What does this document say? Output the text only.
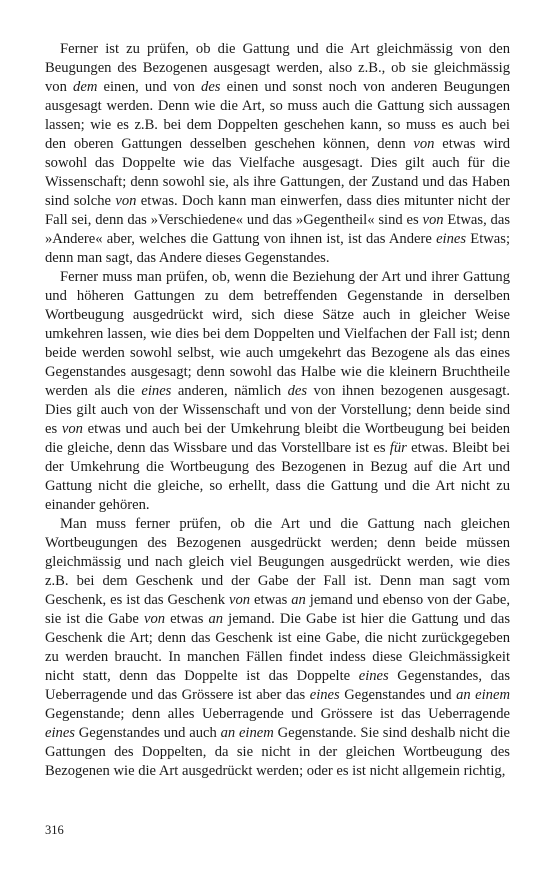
Ferner ist zu prüfen, ob die Gattung und die Art gleichmässig von den Beugungen des Bezogenen ausgesagt werden, also z.B., ob sie gleichmässig von dem einen, und von des einen und sonst noch von anderen Beugungen ausgesagt werden. Denn wie die Art, so muss auch die Gattung sich aussagen lassen; wie es z.B. bei dem Doppelten geschehen kann, so muss es auch bei den oberen Gattungen desselben geschehen können, denn von etwas wird sowohl das Doppelte wie das Vielfache ausgesagt. Dies gilt auch für die Wissenschaft; denn sowohl sie, als ihre Gattungen, der Zustand und das Haben sind solche von etwas. Doch kann man einwerfen, dass dies mitunter nicht der Fall sei, denn das »Verschiedene« und das »Gegentheil« sind es von Etwas, das »Andere« aber, welches die Gattung von ihnen ist, ist das Andere eines Etwas; denn man sagt, das Andere dieses Gegenstandes.

Ferner muss man prüfen, ob, wenn die Beziehung der Art und ihrer Gattung und höheren Gattungen zu dem betreffenden Gegenstande in derselben Wortbeugung ausgedrückt wird, sich diese Sätze auch in gleicher Weise umkehren lassen, wie dies bei dem Doppelten und Vielfachen der Fall ist; denn beide werden sowohl selbst, wie auch umgekehrt das Bezogene als das eines Gegenstandes ausgesagt; denn sowohl das Halbe wie die kleinern Bruchtheile werden als die eines anderen, nämlich des von ihnen bezogenen ausgesagt. Dies gilt auch von der Wissenschaft und von der Vorstellung; denn beide sind es von etwas und auch bei der Umkehrung bleibt die Wortbeugung bei beiden die gleiche, denn das Wissbare und das Vorstellbare ist es für etwas. Bleibt bei der Umkehrung die Wortbeugung des Bezogenen in Bezug auf die Art und Gattung nicht die gleiche, so erhellt, dass die Gattung und die Art nicht zu einander gehören.

Man muss ferner prüfen, ob die Art und die Gattung nach gleichen Wortbeugungen des Bezogenen ausgedrückt werden; denn beide müssen gleichmässig und nach gleich viel Beugungen ausgedrückt werden, wie dies z.B. bei dem Geschenk und der Gabe der Fall ist. Denn man sagt vom Geschenk, es ist das Geschenk von etwas an jemand und ebenso von der Gabe, sie ist die Gabe von etwas an jemand. Die Gabe ist hier die Gattung und das Geschenk die Art; denn das Geschenk ist eine Gabe, die nicht zurückgegeben zu werden braucht. In manchen Fällen findet indess diese Gleichmässigkeit nicht statt, denn das Doppelte ist das Doppelte eines Gegenstandes, das Ueberragende und das Grössere ist aber das eines Gegenstandes und an einem Gegenstande; denn alles Ueberragende und Grössere ist das Ueberragende eines Gegenstandes und auch an einem Gegenstande. Sie sind deshalb nicht die Gattungen des Doppelten, da sie nicht in der gleichen Wortbeugung des Bezogenen wie die Art ausgedrückt werden; oder es ist nicht allgemein richtig,

316
